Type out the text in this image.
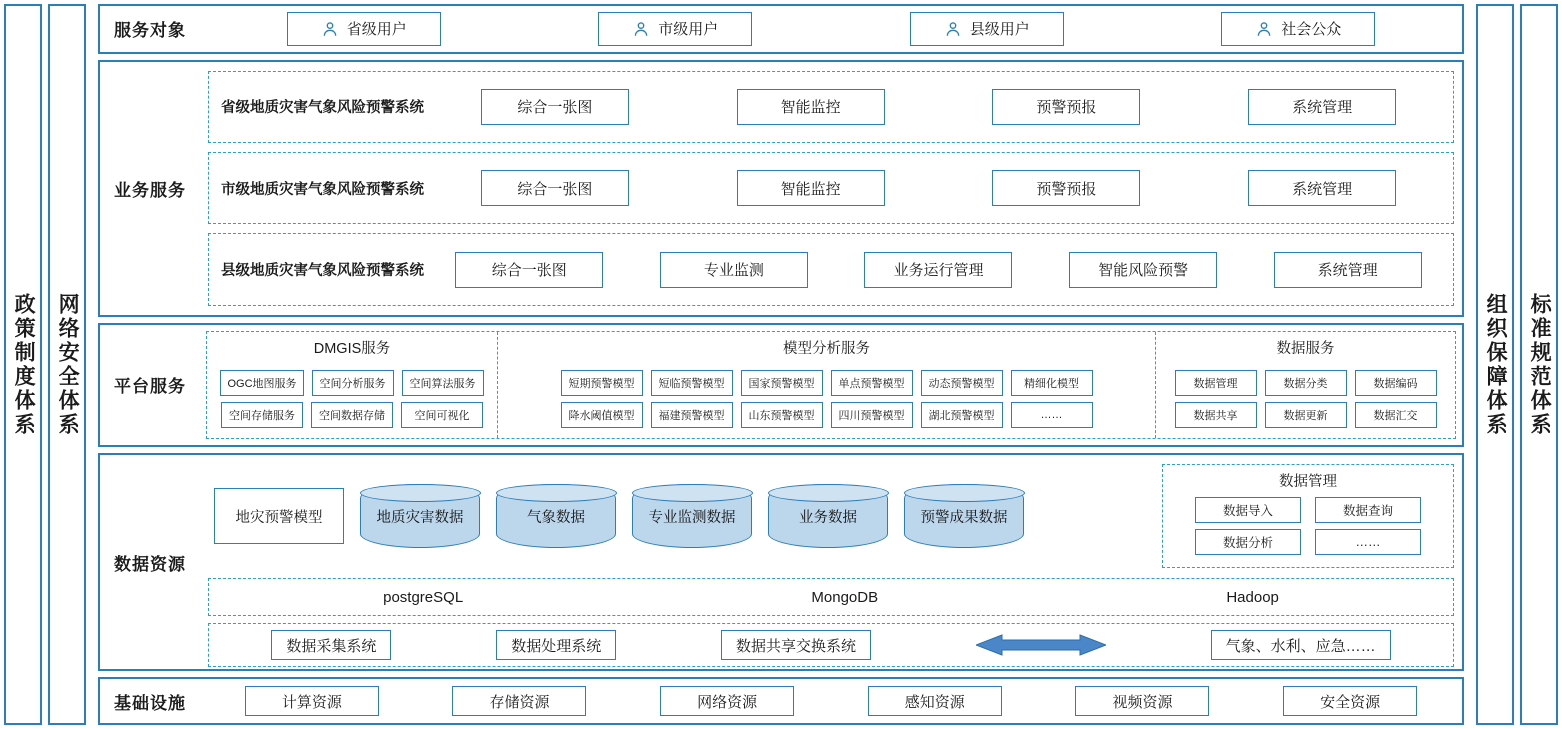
政策制度体系 网络安全体系	组织保障体系 标准规范体系
服务对象	省级用户	市级用户	县级用户	社会公众
业务服务
省级地质灾害气象风险预警系统	综合一张图	智能监控	预警预报	系统管理
市级地质灾害气象风险预警系统	综合一张图	智能监控	预警预报	系统管理
县级地质灾害气象风险预警系统	综合一张图	专业监测	业务运行管理	智能风险预警	系统管理
平台服务
DMGIS服务
OGC地图服务	空间分析服务	空间算法服务
空间存储服务	空间数据存储	空间可视化
模型分析服务
短期预警模型	短临预警模型	国家预警模型	单点预警模型	动态预警模型	精细化模型
降水阈值模型	福建预警模型	山东预警模型	四川预警模型	湖北预警模型	……
数据服务
数据管理	数据分类	数据编码
数据共享	数据更新	数据汇交
数据资源
地灾预警模型	地质灾害数据	气象数据	专业监测数据	业务数据	预警成果数据
数据管理
数据导入	数据查询
数据分析	……
postgreSQL	MongoDB	Hadoop
数据采集系统	数据处理系统	数据共享交换系统	气象、水利、应急……
基础设施	计算资源	存储资源	网络资源	感知资源	视频资源	安全资源
